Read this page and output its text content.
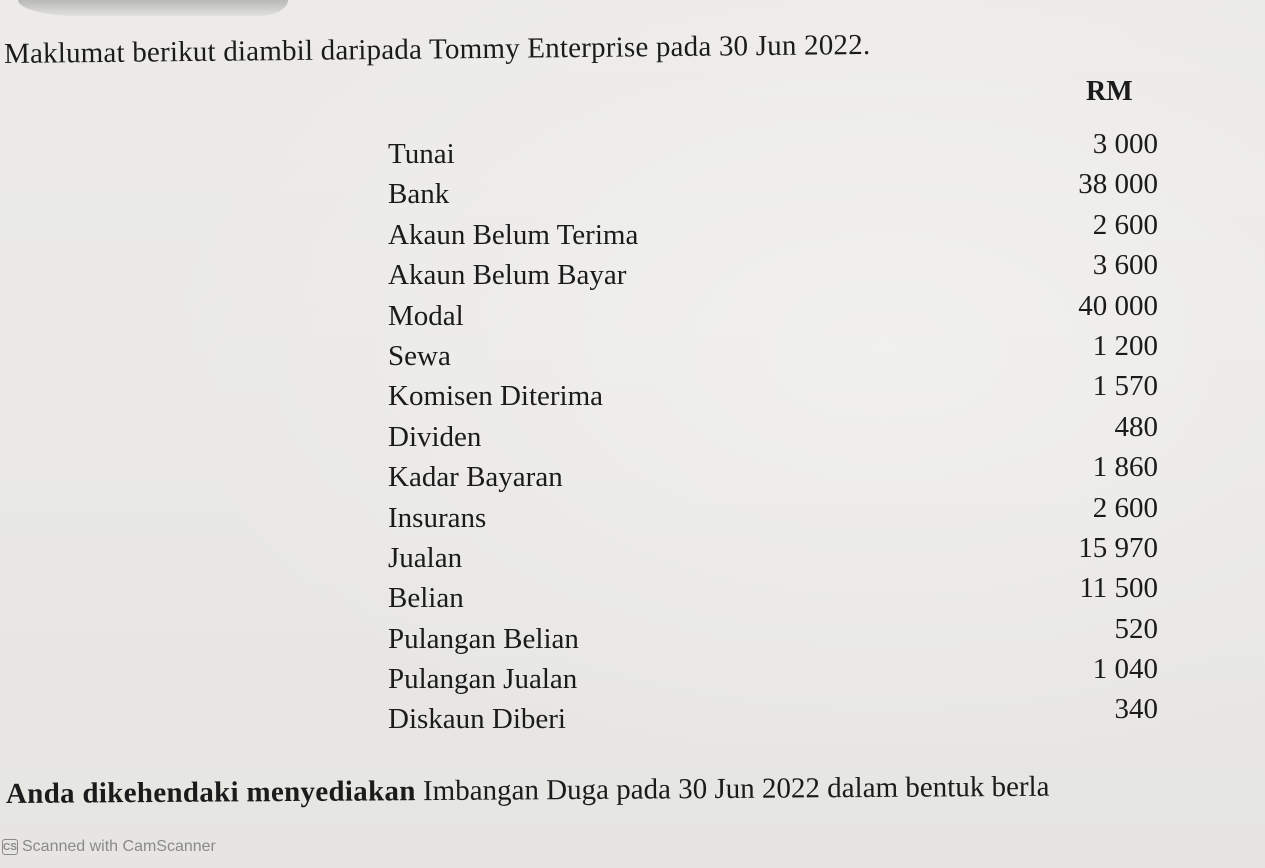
Maklumat berikut diambil daripada Tommy Enterprise pada 30 Jun 2022.
RM
Tunai	3 000
Bank	38 000
Akaun Belum Terima	2 600
Akaun Belum Bayar	3 600
Modal	40 000
Sewa	1 200
Komisen Diterima	1 570
Dividen	480
Kadar Bayaran	1 860
Insurans	2 600
Jualan	15 970
Belian	11 500
Pulangan Belian	520
Pulangan Jualan	1 040
Diskaun Diberi	340
Anda dikehendaki menyediakan Imbangan Duga pada 30 Jun 2022 dalam bentuk berla
CS Scanned with CamScanner
